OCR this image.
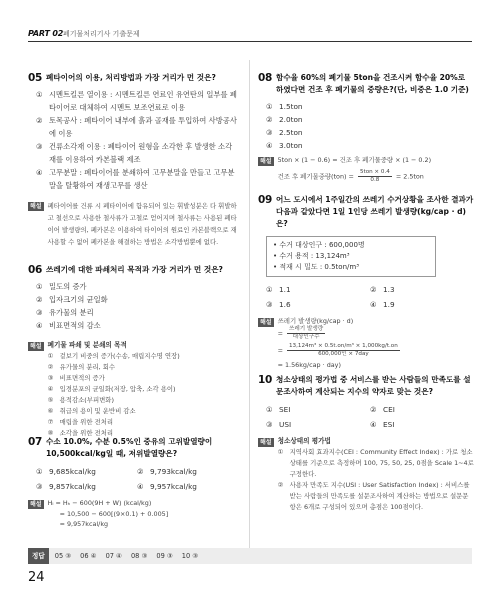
PART 02 폐기물처리기사 기출문제
05 폐타이어의 이용, 처리방법과 가장 거리가 먼 것은?
① 시멘트킬른 열이용 : 시멘트킬른 연료인 유연탄의 일부를 폐타이어로 대체하여 시멘트 보조연료로 이용
② 토목공사 : 폐타이어 내부에 흙과 골재를 투입하여 사방공사에 이용
③ 건류소각재 이용 : 폐타이어 원형을 소각한 후 발생한 소각재를 이용하여 카본블랙 제조
④ 고무분말 : 폐타이어를 분쇄하여 고무분말을 만들고 고무분말을 탈황하여 재생고무를 생산
해설 폐타이어를 건류 시 폐타이어에 함유되어 있는 휘발성분은 다 휘발하고 철선으로 사용한 철사류가 고철로 얻어지며 철사류는 사용된 폐타이어 발생량의, 폐카본은 이용하여 타이어의 원료인 카본블랙으로 재사용할 수 없어 폐카본을 해결하는 방법은 소각방법뿐에 없다.
06 쓰레기에 대한 파쇄처리 목적과 가장 거리가 먼 것은?
① 밀도의 증가
② 입자크기의 균일화
③ 유가물의 분리
④ 비표면적의 감소
해설 폐기물 파쇄 및 분쇄의 목적
① 겉보기 비중의 증가(수송, 매립지수명 연장)
② 유가물의 분리, 회수
③ 비표면적의 증가
④ 입경분포의 균일화(저장, 압축, 소각 용이)
⑤ 용적감소(부피변화)
⑥ 취급의 용이 및 운반비 감소
⑦ 매립을 위한 전처리
⑧ 소각을 위한 전처리
07 수소 10.0%, 수분 0.5%인 중유의 고위발열량이 10,500kcal/kg일 때, 저위발열량은?
① 9,685kcal/kg	② 9,793kcal/kg
③ 9,857kcal/kg	④ 9,957kcal/kg
해설 Hₗ = Hₕ − 600(9H + W) (kcal/kg)
= 10,500 − 600[(9×0.1) + 0.005]
= 9,957kcal/kg
08 함수율 60%의 폐기물 5ton을 건조시켜 함수율 20%로 하였다면 건조 후 폐기물의 중량은?(단, 비중은 1.0 기준)
① 1.5ton
② 2.0ton
③ 2.5ton
④ 3.0ton
해설 5ton × (1 − 0.6) = 건조 후 폐기물중량 × (1 − 0.2)
건조 후 폐기물중량$(ton) = \frac{\text{5ton × 0.4}}{0.8} = 2.5ton$
09 어느 도시에서 1주일간의 쓰레기 수거상황을 조사한 결과가 다음과 같았다면 1일 1인당 쓰레기 발생량(kg/cap · d)은?
• 수거 대상인구 : 600,000명
• 수거 용적 : 13,124m³
• 적재 시 밀도 : 0.5ton/m³
① 1.1	② 1.3
③ 1.6	④ 1.9
해설 쓰레기 발생량(kg/cap · d)
= $\frac{\text{쓰레기 발생량}}{\text{대상인구수}}$
= $\frac{\text{13,124m³ × 0.5t.on/m³ × 1,000kg/t.on}}{\text{600,000인 × 7day}}$
= 1.56kg/cap · day)
10 청소상태의 평가법 중 서비스를 받는 사람들의 만족도를 설문조사하여 계산되는 지수의 약자로 맞는 것은?
① SEI	② CEI
③ USI	④ ESI
해설 청소상태의 평가법
① 지역사회 효과지수(CEI : Community Effect Index) : 가로 청소상태를 기준으로 측정하며 100, 75, 50, 25, 0점을 Scale 1~4로 구정한다.
② 사용자 만족도 지수(USI : User Satisfaction Index) : 서비스를 받는 사람들의 만족도를 설문조사하여 계산하는 방법으로 설문문항은 6개로 구성되어 있으며 총점은 100점이다.
정답	05 ③ 06 ④ 07 ④ 08 ③ 09 ③ 10 ③
24
